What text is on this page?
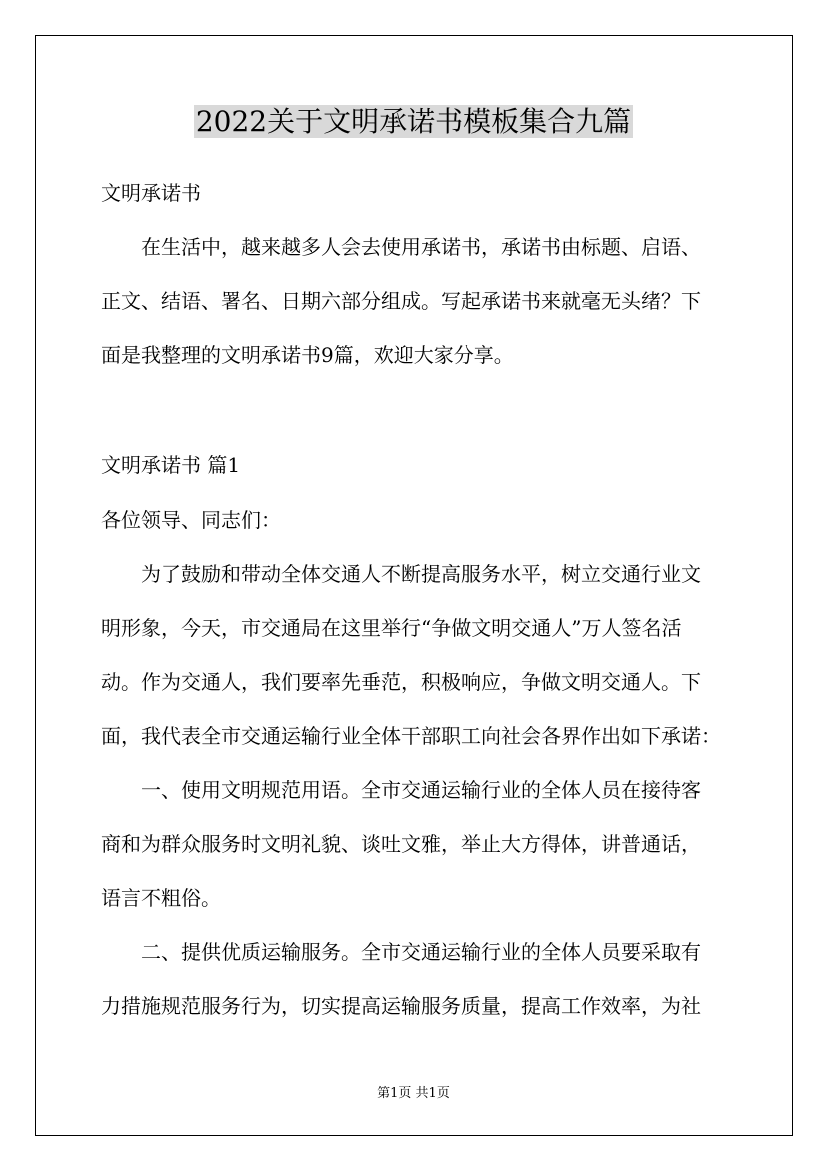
2022关于文明承诺书模板集合九篇

文明承诺书

　　在生活中，越来越多人会去使用承诺书，承诺书由标题、启语、

正文、结语、署名、日期六部分组成。写起承诺书来就毫无头绪？下

面是我整理的文明承诺书9篇，欢迎大家分享。

文明承诺书 篇1

各位领导、同志们：

　　为了鼓励和带动全体交通人不断提高服务水平，树立交通行业文

明形象，今天，市交通局在这里举行“争做文明交通人”万人签名活

动。作为交通人，我们要率先垂范，积极响应，争做文明交通人。下

面，我代表全市交通运输行业全体干部职工向社会各界作出如下承诺：

　　一、使用文明规范用语。全市交通运输行业的全体人员在接待客

商和为群众服务时文明礼貌、谈吐文雅，举止大方得体，讲普通话，

语言不粗俗。

　　二、提供优质运输服务。全市交通运输行业的全体人员要采取有

力措施规范服务行为，切实提高运输服务质量，提高工作效率，为社

第1页 共1页
